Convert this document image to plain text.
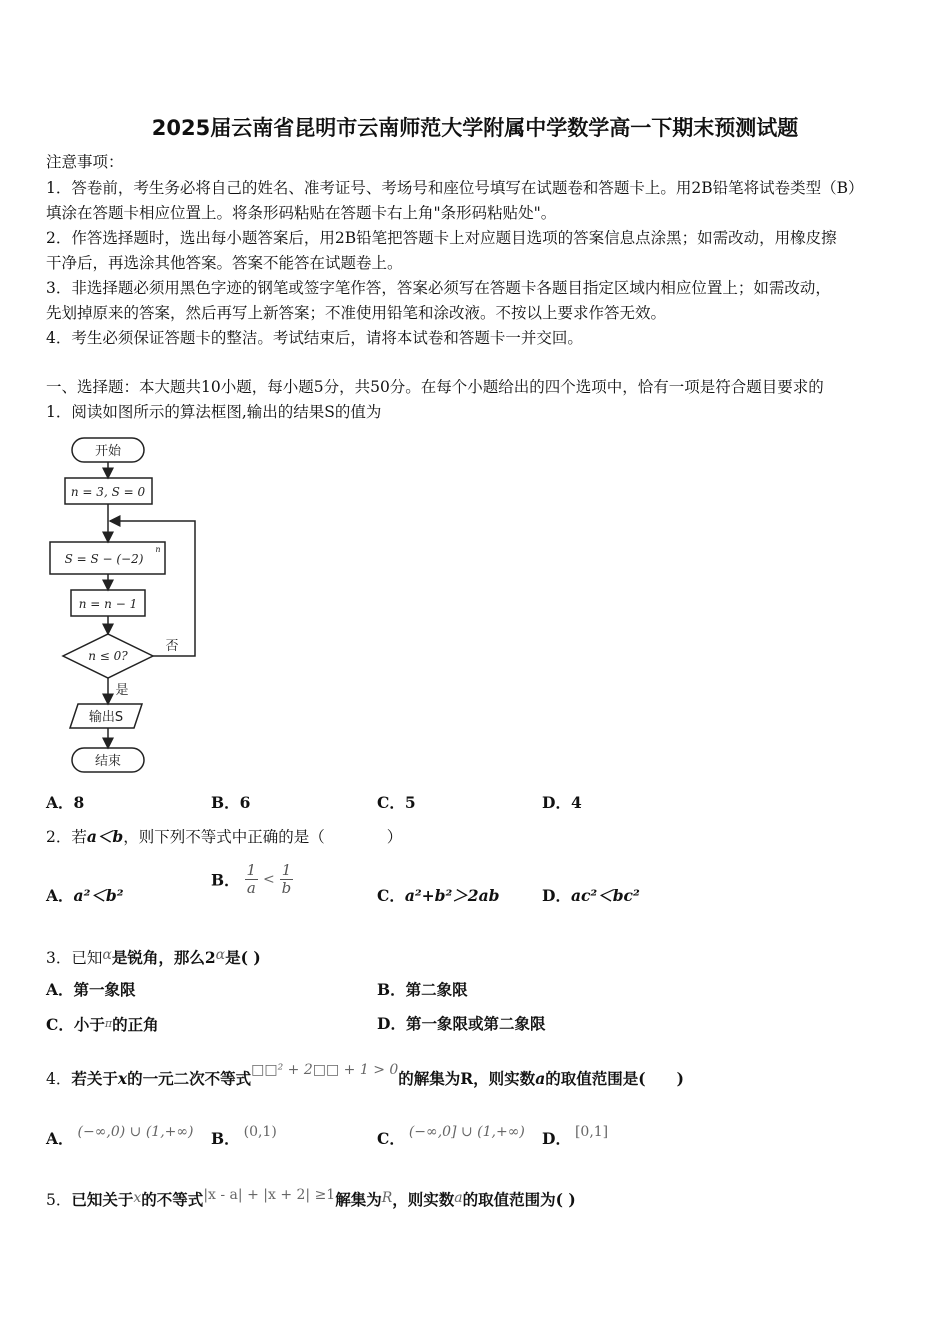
2025届云南省昆明市云南师范大学附属中学数学高一下期末预测试题
注意事项：
1．答卷前，考生务必将自己的姓名、准考证号、考场号和座位号填写在试题卷和答题卡上。用2B铅笔将试卷类型（B）
填涂在答题卡相应位置上。将条形码粘贴在答题卡右上角"条形码粘贴处"。
2．作答选择题时，选出每小题答案后，用2B铅笔把答题卡上对应题目选项的答案信息点涂黑；如需改动，用橡皮擦
干净后，再选涂其他答案。答案不能答在试题卷上。
3．非选择题必须用黑色字迹的钢笔或签字笔作答，答案必须写在答题卡各题目指定区域内相应位置上；如需改动，
先划掉原来的答案，然后再写上新答案；不准使用铅笔和涂改液。不按以上要求作答无效。
4．考生必须保证答题卡的整洁。考试结束后，请将本试卷和答题卡一并交回。
一、选择题：本大题共10小题，每小题5分，共50分。在每个小题给出的四个选项中，恰有一项是符合题目要求的
1．阅读如图所示的算法框图,输出的结果S的值为
开始
n = 3, S = 0
S = S − (−2)
n
n = n − 1
n ≤ 0?
否
是
输出S
结束
A．8	B．6	C．5	D．4
2．若a＜b，则下列不等式中正确的是（　　　　）
A．a²＜b²
B． $\frac{1}{a} < \frac{1}{b}$	C．a²+b²＞2ab	D．ac²＜bc²
3．已知α是锐角，那么2α是( )
A．第一象限	B．第二象限
C．小于π的正角	D．第一象限或第二象限
4．若关于x的一元二次不等式□□² + 2□□ + 1 > 0的解集为R，则实数a的取值范围是(　　)
A． (−∞,0) ∪ (1,+∞) B． (0,1)	C． (−∞,0] ∪ (1,+∞) D． [0,1]
5．已知关于x的不等式|x - a| + |x + 2| ≥1解集为R，则实数a的取值范围为( )
